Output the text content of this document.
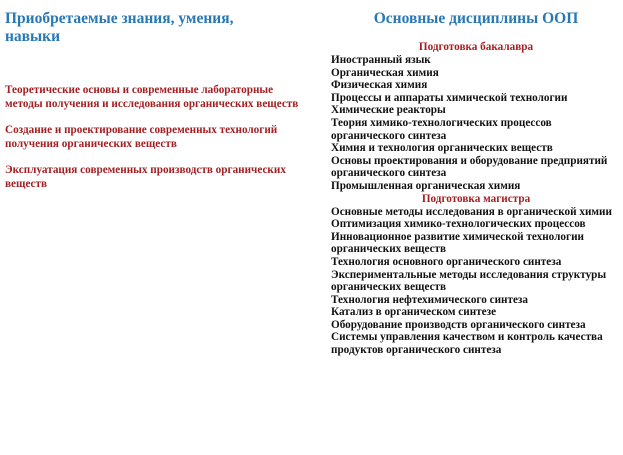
Приобретаемые знания, умения, навыки

Теоретические основы и современные лабораторные методы получения и исследования органических веществ

Создание и проектирование современных технологий получения органических веществ

Эксплуатация современных производств органических веществ

Основные дисциплины ООП
Подготовка бакалавра
Иностранный язык
Органическая химия
Физическая химия
Процессы и аппараты химической технологии
Химические реакторы
Теория химико-технологических процессов органического синтеза
Химия и технология органических веществ
Основы проектирования и оборудование предприятий органического синтеза
Промышленная органическая химия
Подготовка магистра
Основные методы исследования в органической химии
Оптимизация химико-технологических процессов
Инновационное развитие химической технологии органических веществ
Технология основного органического синтеза
Экспериментальные методы исследования структуры органических веществ
Технология нефтехимического синтеза
Катализ в органическом синтезе
Оборудование производств органического синтеза
Системы управления качеством и контроль качества продуктов органического синтеза
